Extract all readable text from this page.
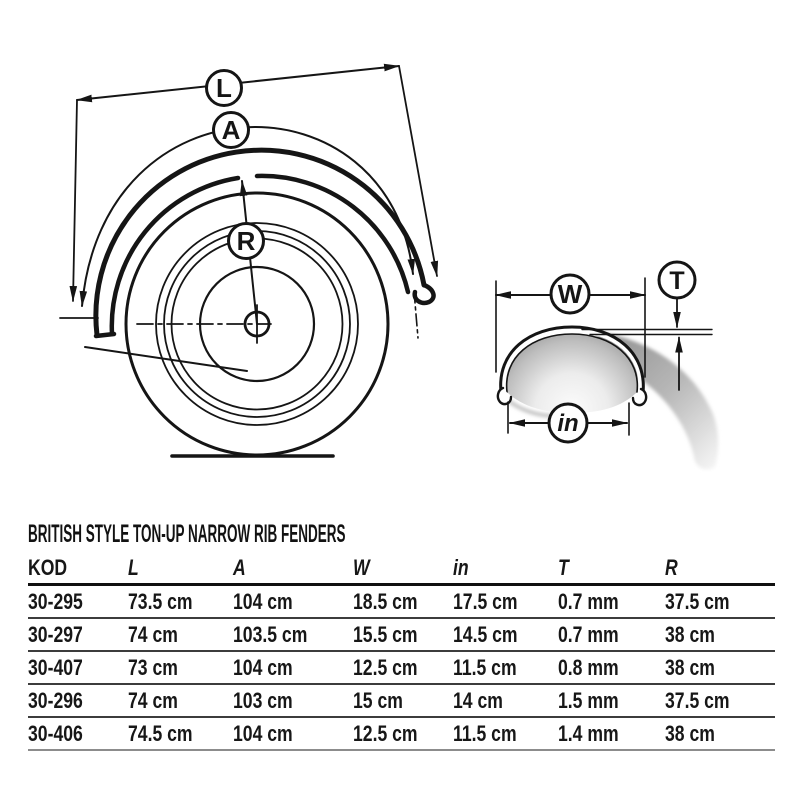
L
A
R
W	T
in
BRITISH STYLE TON-UP NARROW RIB FENDERS
KOD	L	A	W	in	T	R
30-295	73.5 cm	104 cm	18.5 cm	17.5 cm	0.7 mm	37.5 cm
30-297	74 cm	103.5 cm	15.5 cm	14.5 cm	0.7 mm	38 cm
30-407	73 cm	104 cm	12.5 cm	11.5 cm	0.8 mm	38 cm
30-296	74 cm	103 cm	15 cm	14 cm	1.5 mm	37.5 cm
30-406	74.5 cm	104 cm	12.5 cm	11.5 cm	1.4 mm	38 cm
